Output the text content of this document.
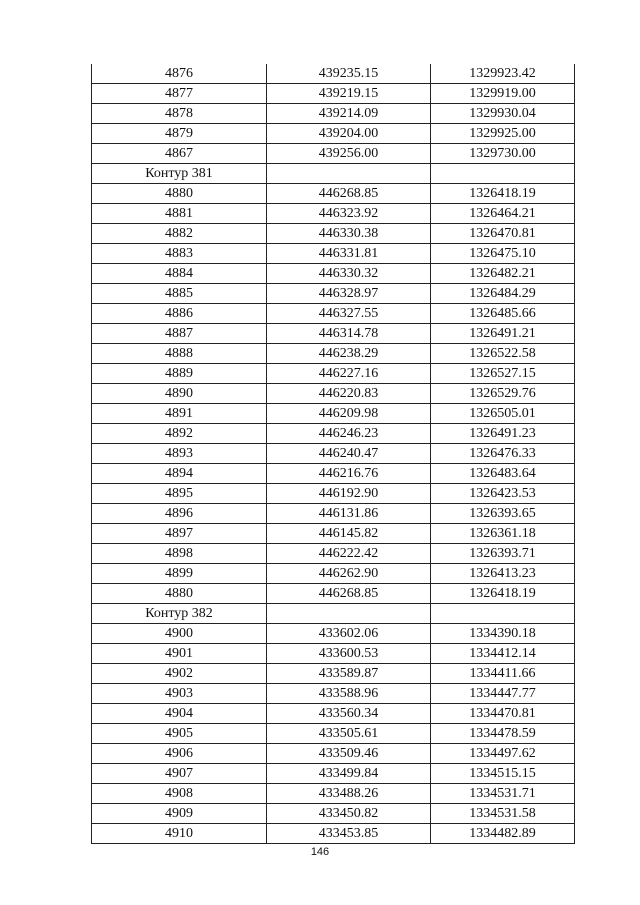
4876	439235.15	1329923.42
4877	439219.15	1329919.00
4878	439214.09	1329930.04
4879	439204.00	1329925.00
4867	439256.00	1329730.00
Контур 381		
4880	446268.85	1326418.19
4881	446323.92	1326464.21
4882	446330.38	1326470.81
4883	446331.81	1326475.10
4884	446330.32	1326482.21
4885	446328.97	1326484.29
4886	446327.55	1326485.66
4887	446314.78	1326491.21
4888	446238.29	1326522.58
4889	446227.16	1326527.15
4890	446220.83	1326529.76
4891	446209.98	1326505.01
4892	446246.23	1326491.23
4893	446240.47	1326476.33
4894	446216.76	1326483.64
4895	446192.90	1326423.53
4896	446131.86	1326393.65
4897	446145.82	1326361.18
4898	446222.42	1326393.71
4899	446262.90	1326413.23
4880	446268.85	1326418.19
Контур 382		
4900	433602.06	1334390.18
4901	433600.53	1334412.14
4902	433589.87	1334411.66
4903	433588.96	1334447.77
4904	433560.34	1334470.81
4905	433505.61	1334478.59
4906	433509.46	1334497.62
4907	433499.84	1334515.15
4908	433488.26	1334531.71
4909	433450.82	1334531.58
4910	433453.85	1334482.89
146
